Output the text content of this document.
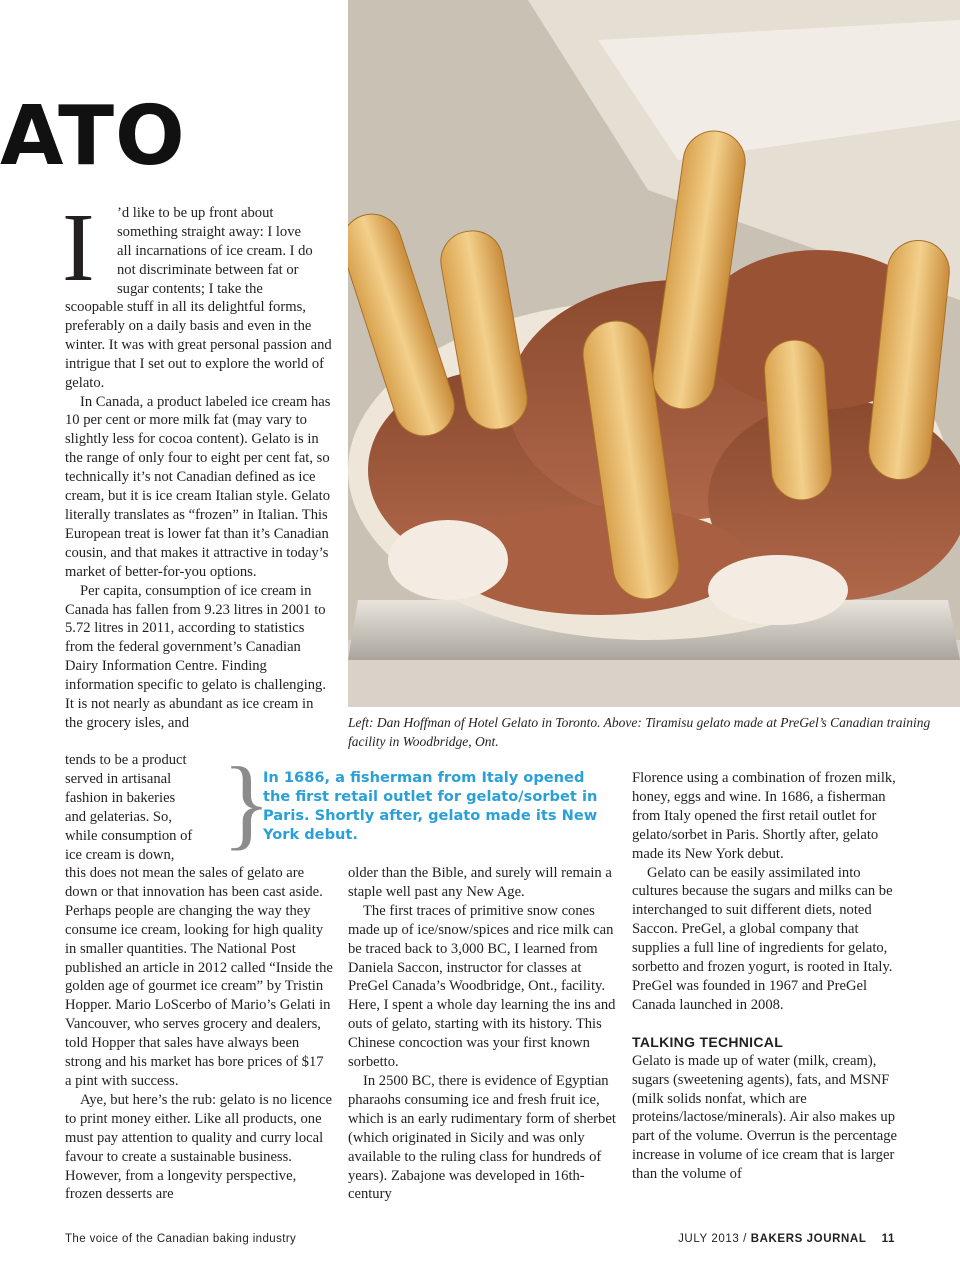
ATO
Left: Dan Hoffman of Hotel Gelato in Toronto. Above: Tiramisu gelato made at PreGel’s Canadian training facility in Woodbridge, Ont.
I ’d like to be up front about
something straight away: I love
all incarnations of ice cream. I do
not discriminate between fat or
sugar contents; I take the

scoopable stuff in all its delightful forms, preferably on a daily basis and even in the winter. It was with great personal passion and intrigue that I set out to explore the world of gelato.

In Canada, a product labeled ice cream has 10 per cent or more milk fat (may vary to slightly less for cocoa content). Gelato is in the range of only four to eight per cent fat, so technically it’s not Canadian defined as ice cream, but it is ice cream Italian style. Gelato literally translates as “frozen” in Italian. This European treat is lower fat than it’s Canadian cousin, and that makes it attractive in today’s market of better-for-you options.

Per capita, consumption of ice cream in Canada has fallen from 9.23 litres in 2001 to 5.72 litres in 2011, according to statistics from the federal government’s Canadian Dairy Information Centre. Finding information specific to gelato is challenging. It is not nearly as abundant as ice cream in the grocery isles, and

tends to be a product
served in artisanal
fashion in bakeries
and gelaterias. So,
while consumption of
ice cream is down,

this does not mean the sales of gelato are down or that innovation has been cast aside. Perhaps people are changing the way they consume ice cream, looking for high quality in smaller quantities. The National Post published an article in 2012 called “Inside the golden age of gourmet ice cream” by Tristin Hopper. Mario LoScerbo of Mario’s Gelati in Vancouver, who serves grocery and dealers, told Hopper that sales have always been strong and his market has bore prices of $17 a pint with success.

Aye, but here’s the rub: gelato is no licence to print money either. Like all products, one must pay attention to quality and curry local favour to create a sustainable business. However, from a longevity perspective, frozen desserts are

}
In 1686, a fisherman from Italy opened the first retail outlet for gelato/sorbet in Paris. Shortly after, gelato made its New York debut.

older than the Bible, and surely will remain a staple well past any New Age.

The first traces of primitive snow cones made up of ice/snow/spices and rice milk can be traced back to 3,000 BC, I learned from Daniela Saccon, instructor for classes at PreGel Canada’s Woodbridge, Ont., facility. Here, I spent a whole day learning the ins and outs of gelato, starting with its history. This Chinese concoction was your first known sorbetto.

In 2500 BC, there is evidence of Egyptian pharaohs consuming ice and fresh fruit ice, which is an early rudimentary form of sherbet (which originated in Sicily and was only available to the ruling class for hundreds of years). Zabajone was developed in 16th-century

Florence using a combination of frozen milk, honey, eggs and wine. In 1686, a fisherman from Italy opened the first retail outlet for gelato/sorbet in Paris. Shortly after, gelato made its New York debut.

Gelato can be easily assimilated into cultures because the sugars and milks can be interchanged to suit different diets, noted Saccon. PreGel, a global company that supplies a full line of ingredients for gelato, sorbetto and frozen yogurt, is rooted in Italy. PreGel was founded in 1967 and PreGel Canada launched in 2008.

TALKING TECHNICAL

Gelato is made up of water (milk, cream), sugars (sweetening agents), fats, and MSNF (milk solids nonfat, which are proteins/lactose/minerals). Air also makes up part of the volume. Overrun is the percentage increase in volume of ice cream that is larger than the volume of

The voice of the Canadian baking industry	JULY 2013 / BAKERS JOURNAL 11
